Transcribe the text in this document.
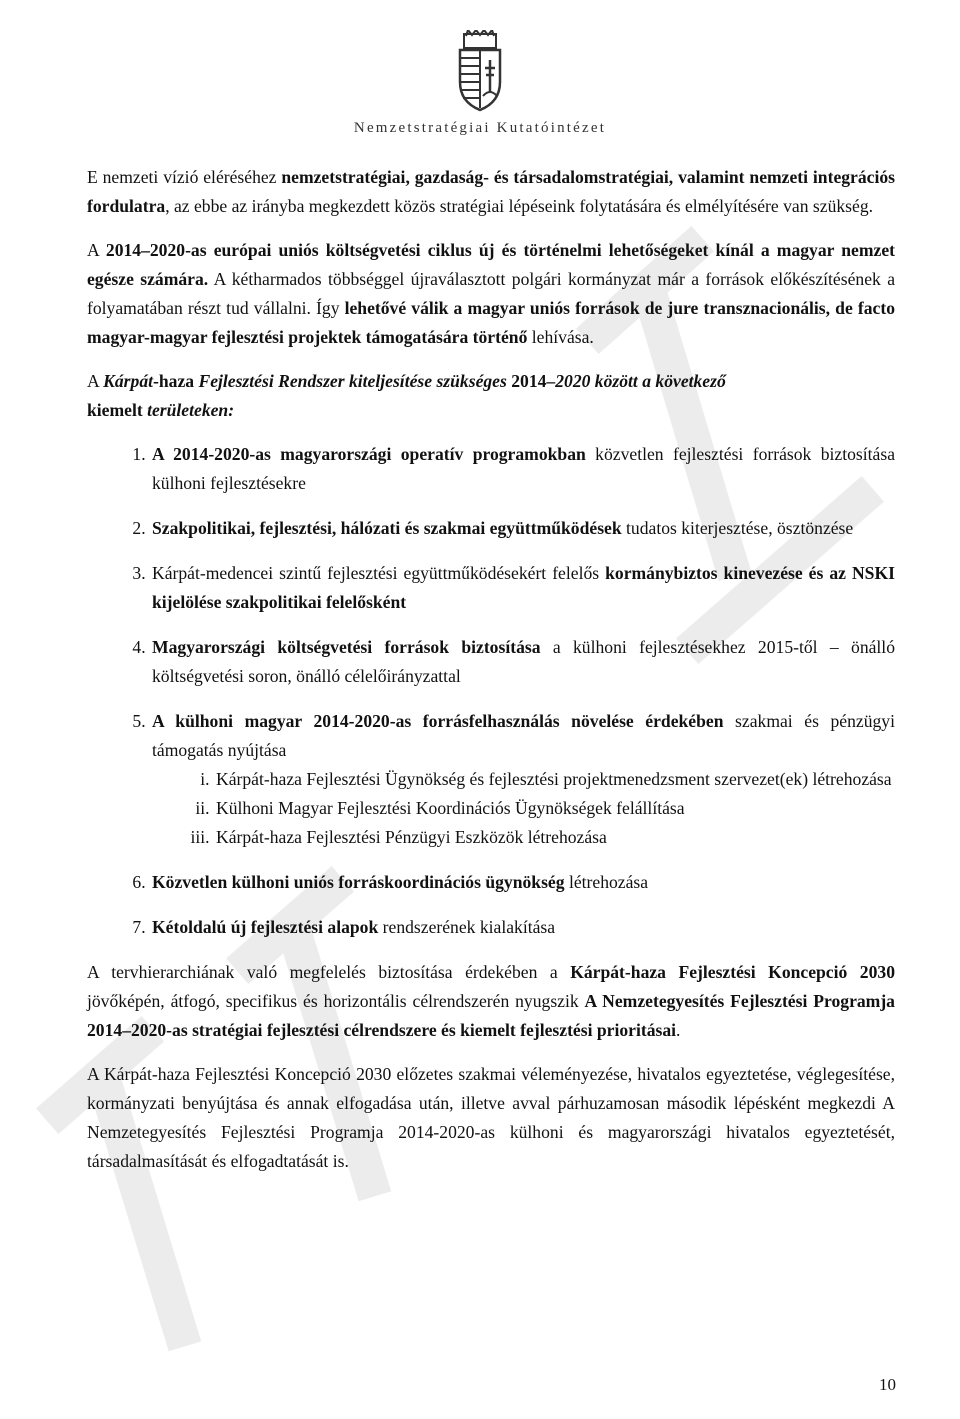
Nemzetstratégiai Kutatóintézet

E nemzeti vízió eléréséhez nemzetstratégiai, gazdaság- és társadalomstratégiai, valamint nemzeti integrációs fordulatra, az ebbe az irányba megkezdett közös stratégiai lépéseink folytatására és elmélyítésére van szükség.

A 2014–2020-as európai uniós költségvetési ciklus új és történelmi lehetőségeket kínál a magyar nemzet egésze számára. A kétharmados többséggel újraválasztott polgári kormányzat már a források előkészítésének a folyamatában részt tud vállalni. Így lehetővé válik a magyar uniós források de jure transznacionális, de facto magyar-magyar fejlesztési projektek támogatására történő lehívása.

A Kárpát-haza Fejlesztési Rendszer kiteljesítése szükséges 2014–2020 között a következő
kiemelt területeken:

1. A 2014-2020-as magyarországi operatív programokban közvetlen fejlesztési források biztosítása külhoni fejlesztésekre
2. Szakpolitikai, fejlesztési, hálózati és szakmai együttműködések tudatos kiterjesztése, ösztönzése
3. Kárpát-medencei szintű fejlesztési együttműködésekért felelős kormánybiztos kinevezése és az NSKI kijelölése szakpolitikai felelősként
4. Magyarországi költségvetési források biztosítása a külhoni fejlesztésekhez 2015-től – önálló költségvetési soron, önálló célelőirányzattal
5. A külhoni magyar 2014-2020-as forrásfelhasználás növelése érdekében szakmai és pénzügyi támogatás nyújtása
i. Kárpát-haza Fejlesztési Ügynökség és fejlesztési projektmenedzsment szervezet(ek) létrehozása
ii. Külhoni Magyar Fejlesztési Koordinációs Ügynökségek felállítása
iii. Kárpát-haza Fejlesztési Pénzügyi Eszközök létrehozása
6. Közvetlen külhoni uniós forráskoordinációs ügynökség létrehozása
7. Kétoldalú új fejlesztési alapok rendszerének kialakítása

A tervhierarchiának való megfelelés biztosítása érdekében a Kárpát-haza Fejlesztési Koncepció 2030 jövőképén, átfogó, specifikus és horizontális célrendszerén nyugszik A Nemzetegyesítés Fejlesztési Programja 2014–2020-as stratégiai fejlesztési célrendszere és kiemelt fejlesztési prioritásai.

A Kárpát-haza Fejlesztési Koncepció 2030 előzetes szakmai véleményezése, hivatalos egyeztetése, véglegesítése, kormányzati benyújtása és annak elfogadása után, illetve avval párhuzamosan második lépésként megkezdi A Nemzetegyesítés Fejlesztési Programja 2014-2020-as külhoni és magyarországi hivatalos egyeztetését, társadalmasítását és elfogadtatását is.

10
